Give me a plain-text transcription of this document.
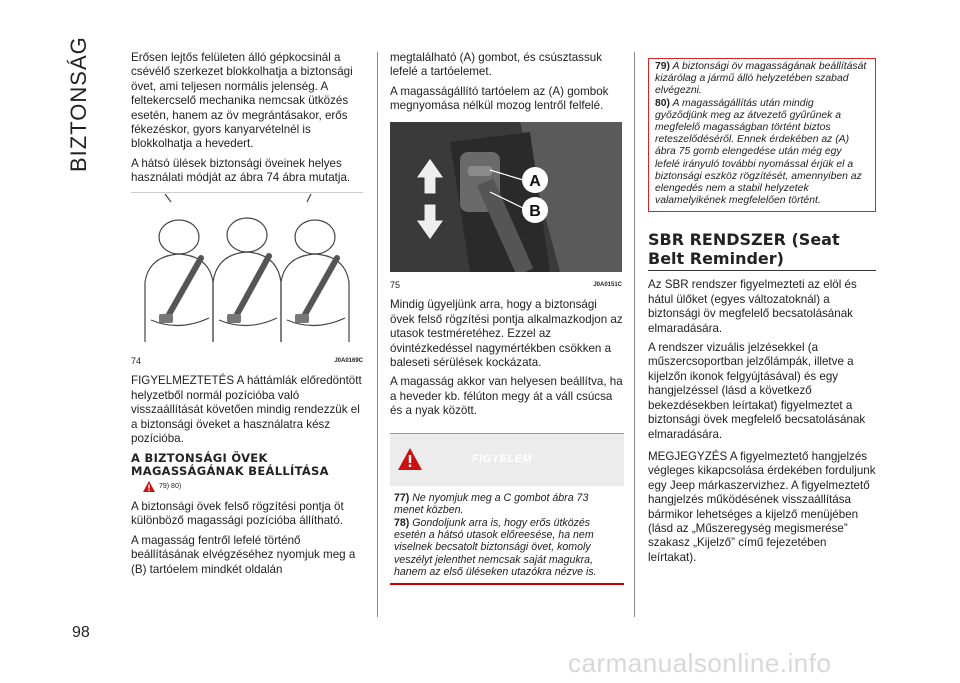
BIZTONSÁG
98

Erősen lejtős felületen álló gépkocsinál a csévélő szerkezet blokkolhatja a biztonsági övet, ami teljesen normális jelenség. A feltekercselő mechanika nemcsak ütközés esetén, hanem az öv megrántásakor, erős fékezéskor, gyors kanyarvételnél is blokkolhatja a hevedert.

A hátsó ülések biztonsági öveinek helyes használati módját az ábra 74 ábra mutatja.

74	J0A0169C

FIGYELMEZTETÉS A háttámlák előredöntött helyzetből normál pozícióba való visszaállítását követően mindig rendezzük el a biztonsági öveket a használatra kész pozícióba.

A BIZTONSÁGI ÖVEK MAGASSÁGÁNAK BEÁLLÍTÁSA
79) 80)

A biztonsági övek felső rögzítési pontja öt különböző magassági pozícióba állítható.

A magasság fentről lefelé történő beállításának elvégzéséhez nyomjuk meg a (B) tartóelem mindkét oldalán

megtalálható (A) gombot, és csúsztassuk lefelé a tartóelemet.

A magasságállító tartóelem az (A) gombok megnyomása nélkül mozog lentről felfelé.

A
B
75	J0A0151C

Mindig ügyeljünk arra, hogy a biztonsági övek felső rögzítési pontja alkalmazkodjon az utasok testméretéhez. Ezzel az óvintézkedéssel nagymértékben csökken a baleseti sérülések kockázata.

A magasság akkor van helyesen beállítva, ha a heveder kb. félúton megy át a váll csúcsa és a nyak között.

FIGYELEM
77) Ne nyomjuk meg a C gombot ábra 73 menet közben.
78) Gondoljunk arra is, hogy erős ütközés esetén a hátsó utasok előreesése, ha nem viselnek becsatolt biztonsági övet, komoly veszélyt jelenthet nemcsak saját magukra, hanem az első üléseken utazókra nézve is.
79) A biztonsági öv magasságának beállítását kizárólag a jármű álló helyzetében szabad elvégezni.
80) A magasságállítás után mindig győződjünk meg az átvezető gyűrűnek a megfelelő magasságban történt biztos reteszelődéséről. Ennek érdekében az (A) ábra 75 gomb elengedése után még egy lefelé irányuló további nyomással érjük el a biztonsági eszköz rögzítését, amennyiben az elengedés nem a stabil helyzetek valamelyikének megfelelően történt.
SBR RENDSZER (Seat Belt Reminder)

Az SBR rendszer figyelmezteti az elöl és hátul ülőket (egyes változatoknál) a biztonsági öv megfelelő becsatolásának elmaradására.

A rendszer vizuális jelzésekkel (a műszercsoportban jelzőlámpák, illetve a kijelzőn ikonok felgyújtásával) és egy hangjelzéssel (lásd a következő bekezdésekben leírtakat) figyelmeztet a biztonsági övek megfelelő becsatolásának elmaradására.

MEGJEGYZÉS A figyelmeztető hangjelzés végleges kikapcsolása érdekében forduljunk egy Jeep márkaszervizhez. A figyelmeztető hangjelzés működésének visszaállítása bármikor lehetséges a kijelző menüjében (lásd az „Műszeregység megismerése” szakasz „Kijelző” című fejezetében leírtakat).

carmanualsonline.info
